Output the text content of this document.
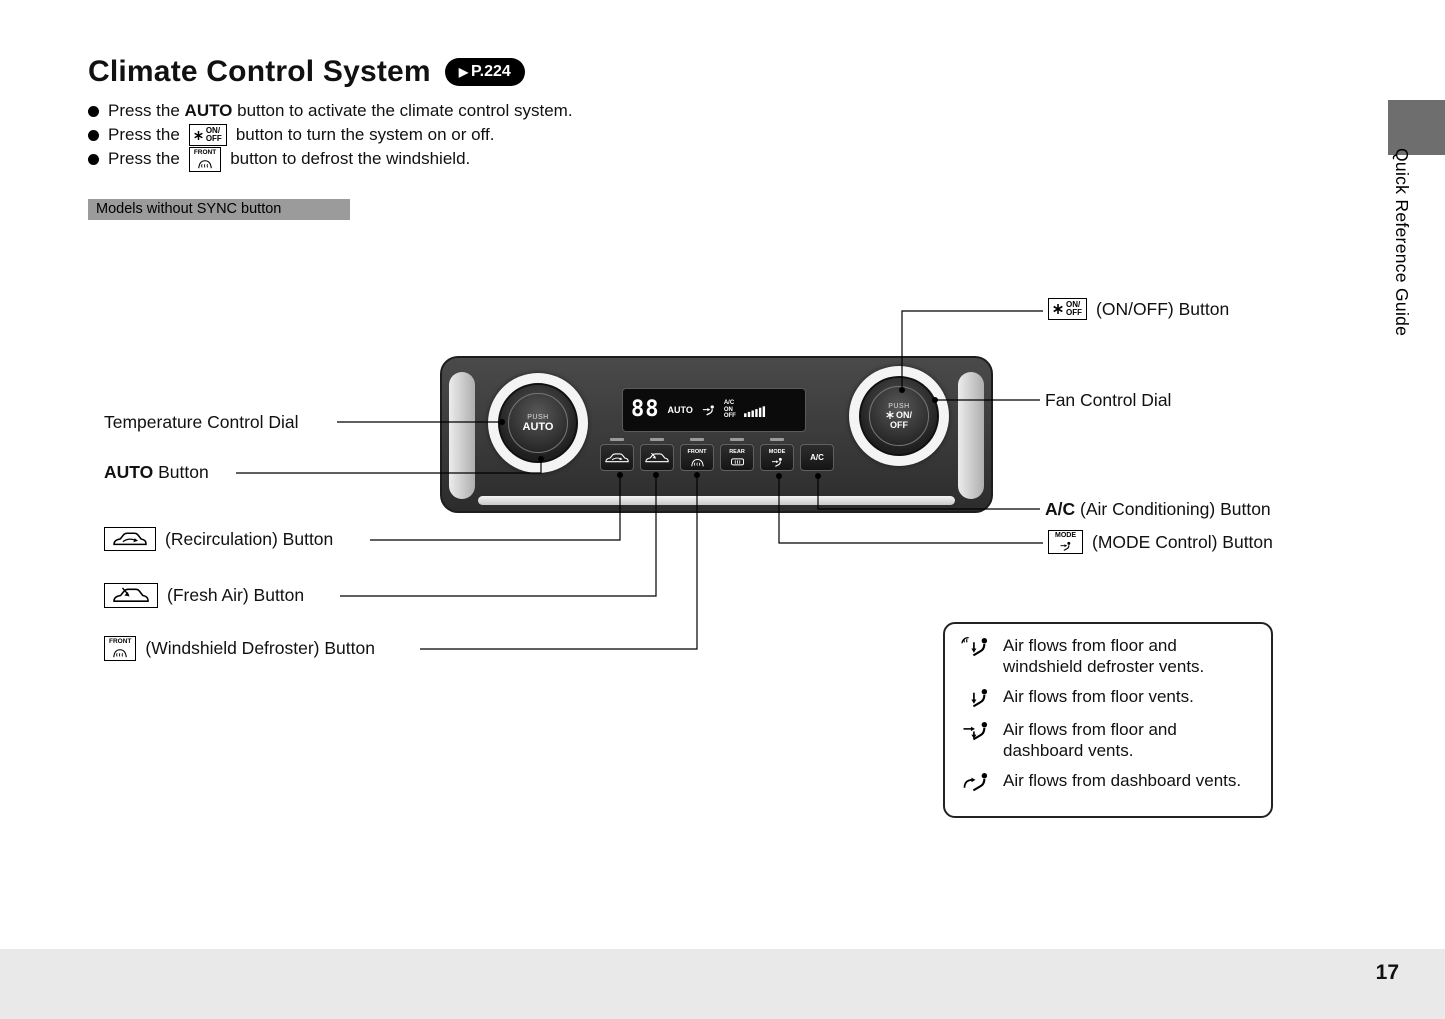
Climate Control System ▶ P.224
Press the AUTO button to activate the climate control system.
Press the	ON/
OFF button to turn the system on or off.
Press the FRONT button to defrost the windshield.
Models without SYNC button
PUSH
AUTO
PUSH
ON/
OFF
88 AUTO
A/C
ON
OFF
FRONT	REAR	MODE
A/C
Temperature Control Dial
AUTO Button
(Recirculation) Button
(Fresh Air) Button
FRONT (Windshield Defroster) Button
ON/
OFF (ON/OFF) Button
Fan Control Dial
A/C (Air Conditioning) Button
MODE (MODE Control) Button
Air flows from floor and windshield defroster vents.
Air flows from floor vents.
Air flows from floor and dashboard vents.
Air flows from dashboard vents.
Quick Reference Guide
17
